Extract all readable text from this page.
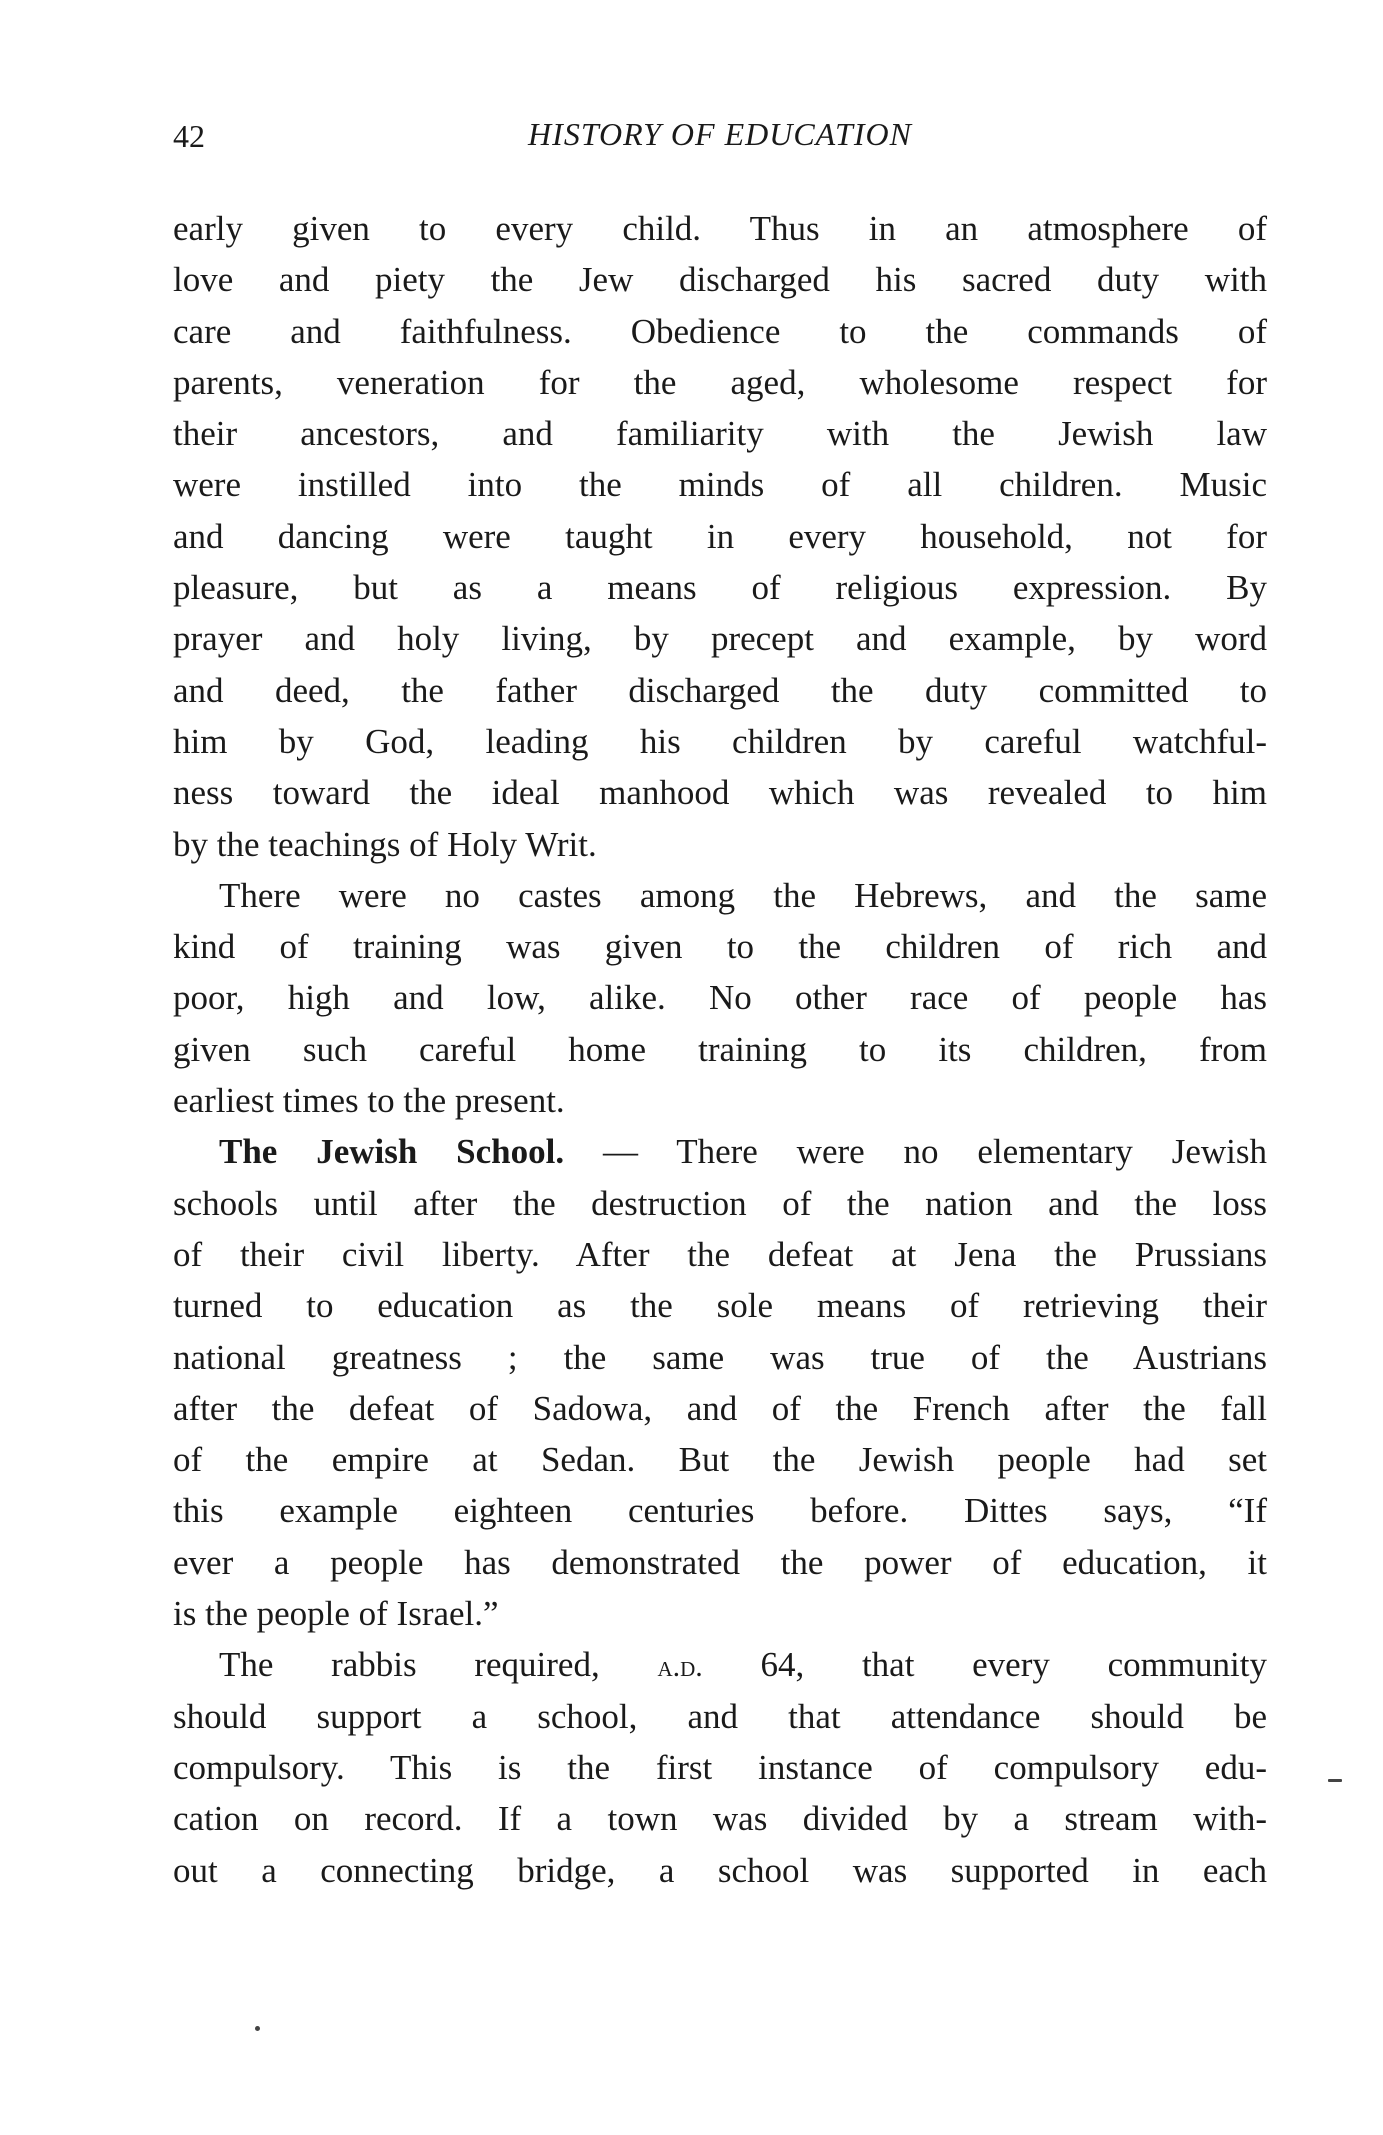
42	HISTORY OF EDUCATION
early given to every child. Thus in an atmosphere of
love and piety the Jew discharged his sacred duty with
care and faithfulness. Obedience to the commands of
parents, veneration for the aged, wholesome respect for
their ancestors, and familiarity with the Jewish law
were instilled into the minds of all children. Music
and dancing were taught in every household, not for
pleasure, but as a means of religious expression. By
prayer and holy living, by precept and example, by word
and deed, the father discharged the duty committed to
him by God, leading his children by careful watchful-
ness toward the ideal manhood which was revealed to him
by the teachings of Holy Writ.
There were no castes among the Hebrews, and the same
kind of training was given to the children of rich and
poor, high and low, alike. No other race of people has
given such careful home training to its children, from
earliest times to the present.
The Jewish School. — There were no elementary Jewish
schools until after the destruction of the nation and the loss
of their civil liberty. After the defeat at Jena the Prussians
turned to education as the sole means of retrieving their
national greatness ; the same was true of the Austrians
after the defeat of Sadowa, and of the French after the fall
of the empire at Sedan. But the Jewish people had set
this example eighteen centuries before. Dittes says, “If
ever a people has demonstrated the power of education, it
is the people of Israel.”
The rabbis required, a.d. 64, that every community
should support a school, and that attendance should be
compulsory. This is the first instance of compulsory edu-
cation on record. If a town was divided by a stream with-
out a connecting bridge, a school was supported in each
